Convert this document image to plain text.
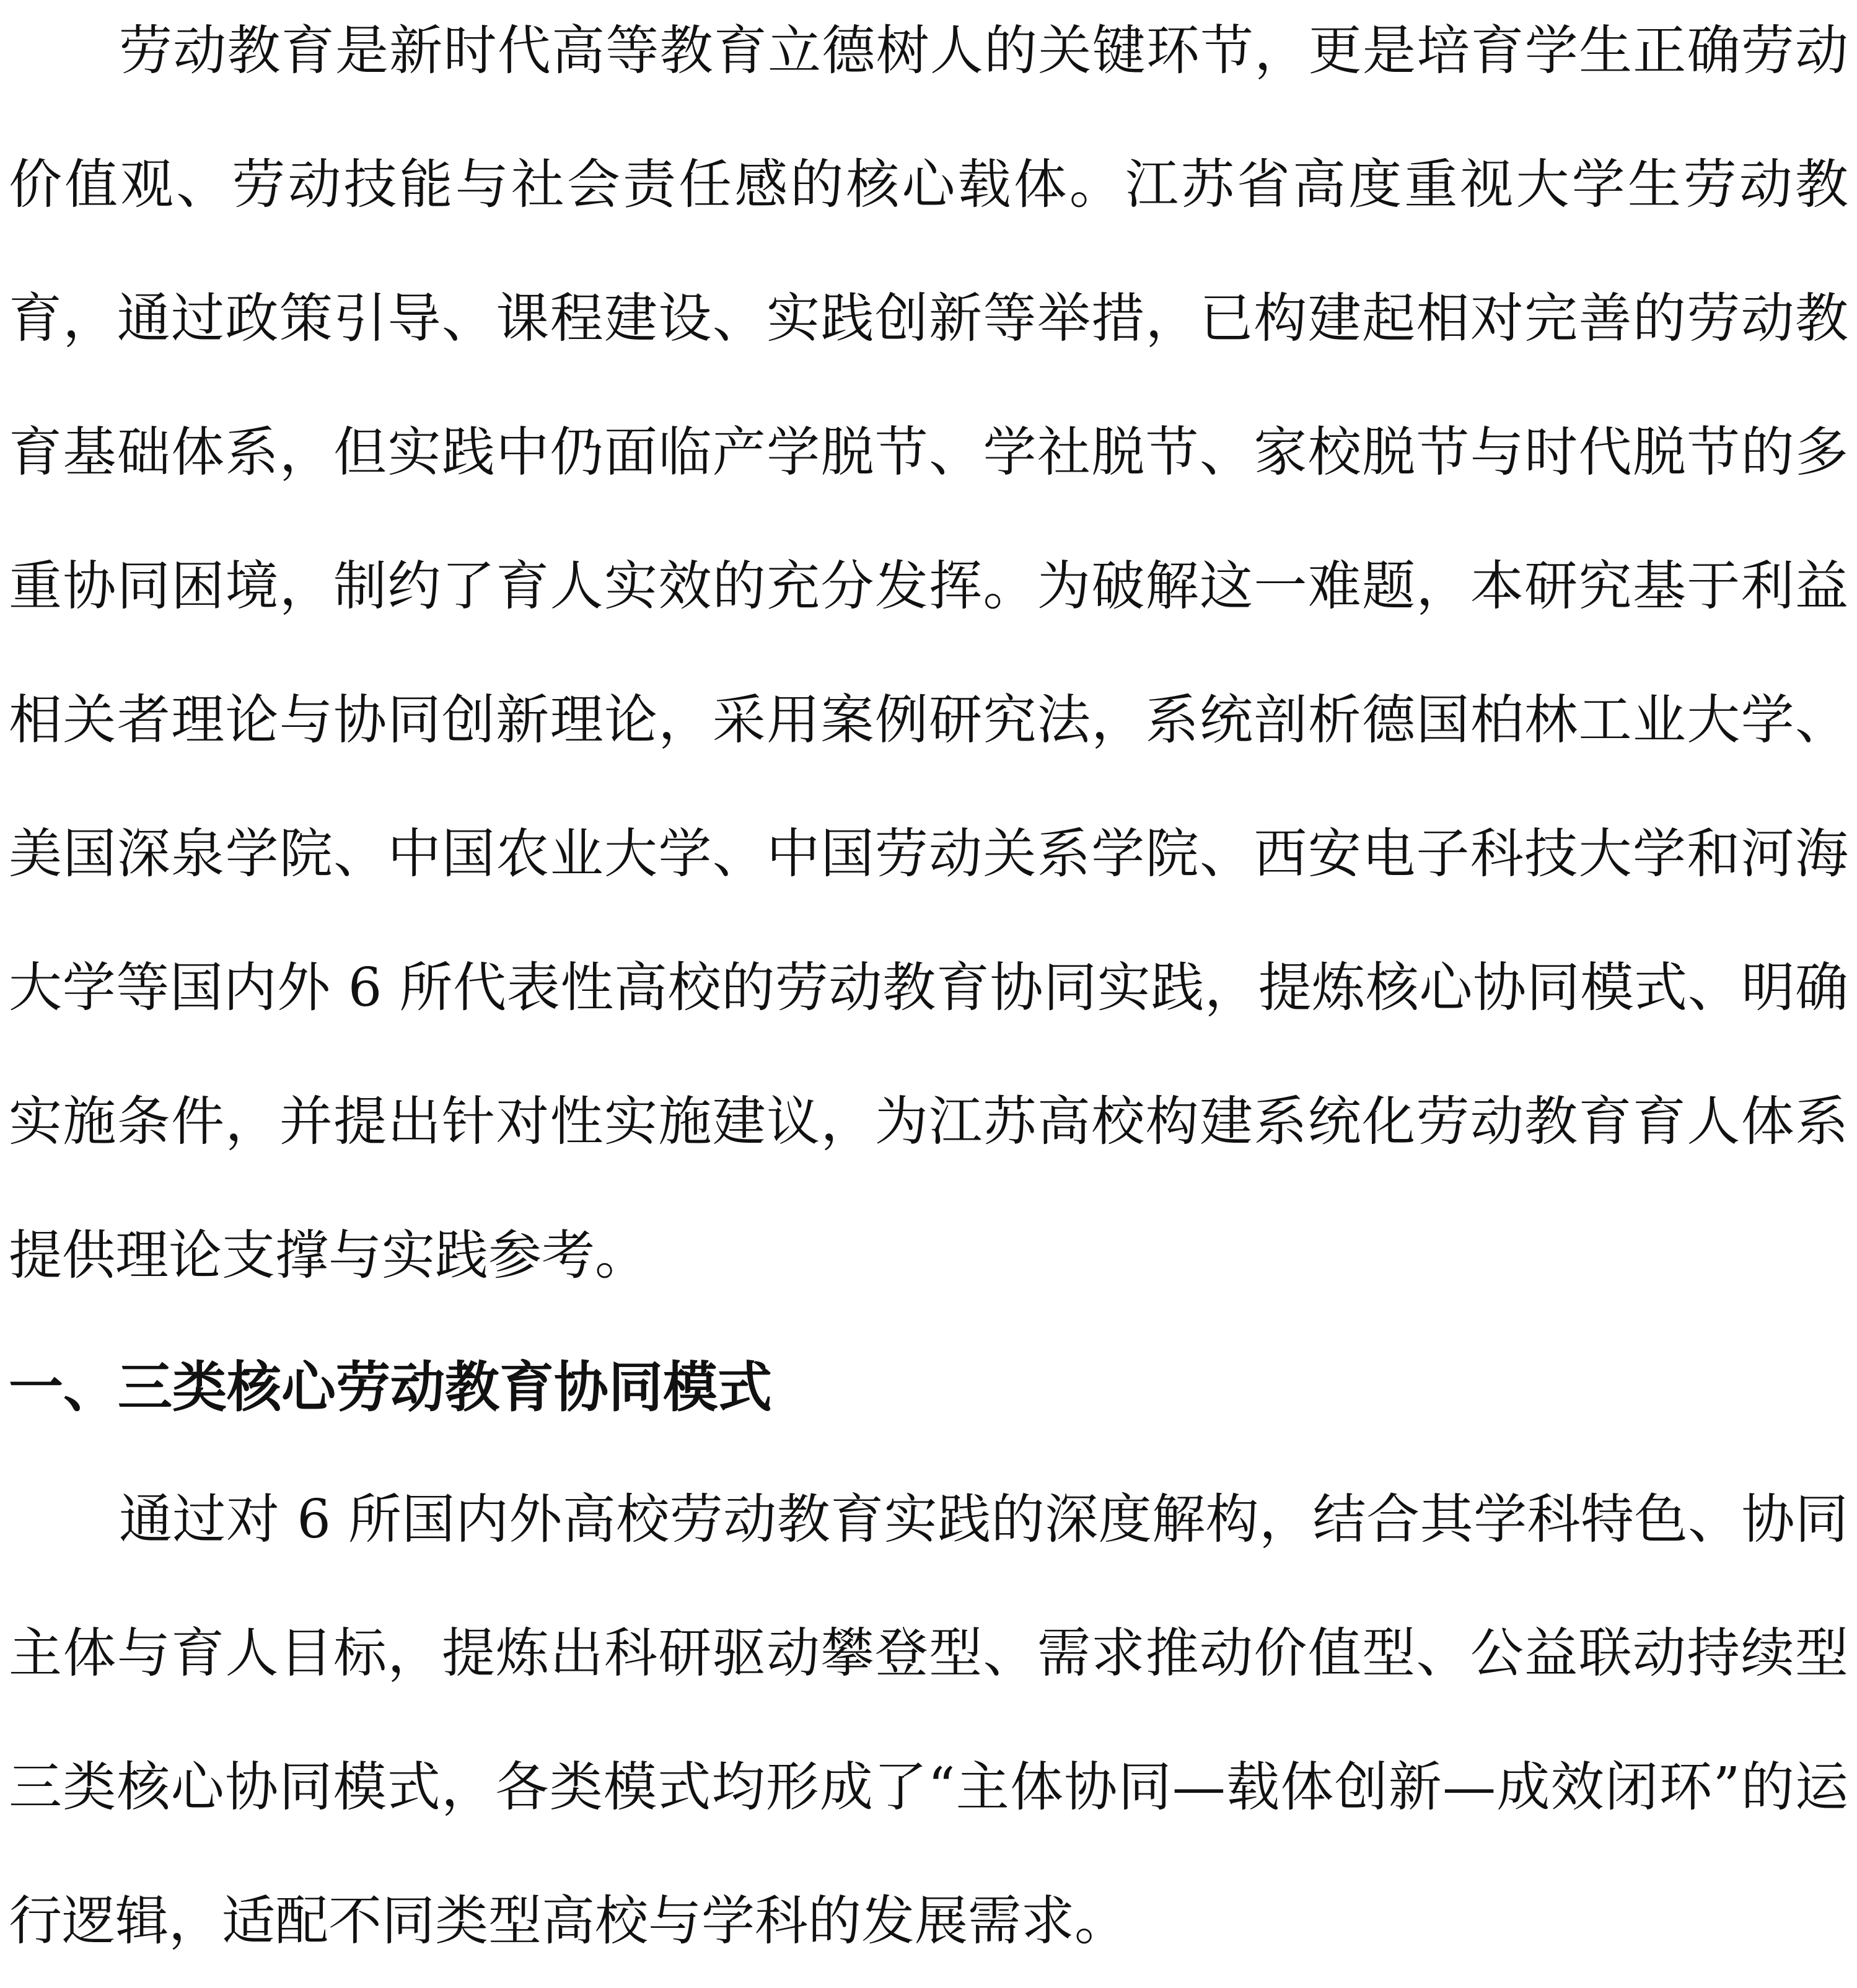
劳动教育是新时代高等教育立德树人的关键环节，更是培育学生正确劳动价值观、劳动技能与社会责任感的核心载体。江苏省高度重视大学生劳动教育，通过政策引导、课程建设、实践创新等举措，已构建起相对完善的劳动教育基础体系，但实践中仍面临产学脱节、学社脱节、家校脱节与时代脱节的多重协同困境，制约了育人实效的充分发挥。为破解这一难题，本研究基于利益相关者理论与协同创新理论，采用案例研究法，系统剖析德国柏林工业大学、美国深泉学院、中国农业大学、中国劳动关系学院、西安电子科技大学和河海大学等国内外 6 所代表性高校的劳动教育协同实践，提炼核心协同模式、明确实施条件，并提出针对性实施建议，为江苏高校构建系统化劳动教育育人体系提供理论支撑与实践参考。

一、三类核心劳动教育协同模式

通过对 6 所国内外高校劳动教育实践的深度解构，结合其学科特色、协同主体与育人目标，提炼出科研驱动攀登型、需求推动价值型、公益联动持续型三类核心协同模式，各类模式均形成了“主体协同—载体创新—成效闭环”的运行逻辑，适配不同类型高校与学科的发展需求。
